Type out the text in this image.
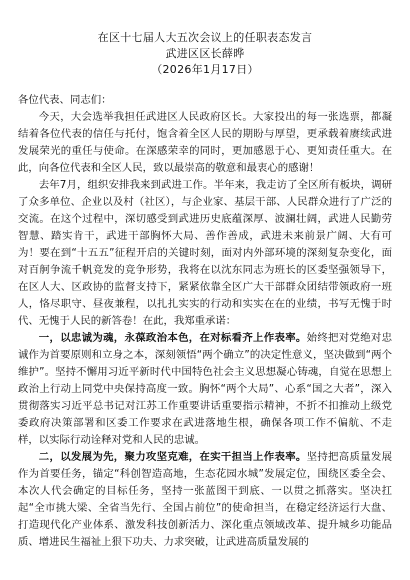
在区十七届人大五次会议上的任职表态发言
武进区区长薛晔
（2026年1月17日）

各位代表、同志们：

今天，大会选举我担任武进区人民政府区长。大家投出的每一张选票，都凝结着各位代表的信任与托付，饱含着全区人民的期盼与厚望，更承载着赓续武进发展荣光的重任与使命。在深感荣幸的同时，更加感恩于心、更知责任重大。在此，向各位代表和全区人民，致以最崇高的敬意和最衷心的感谢！

去年7月，组织安排我来到武进工作。半年来，我走访了全区所有板块，调研了众多单位、企业以及村（社区），与企业家、基层干部、人民群众进行了广泛的交流。在这个过程中，深切感受到武进历史底蕴深厚、波澜壮阔，武进人民勤劳智慧、踏实肯干，武进干部胸怀大局、善作善成，武进未来前景广阔、大有可为！要在到“十五五”征程开启的关键时刻，面对内外部环境的深刻复杂变化，面对百舸争流千帆竞发的竞争形势，我将在以沈东同志为班长的区委坚强领导下，在区人大、区政协的监督支持下，紧紧依靠全区广大干部群众团结带领政府一班人，恪尽职守、昼夜兼程，以扎扎实实的行动和实实在在的业绩，书写无愧于时代、无愧于人民的新答卷！在此，我郑重承诺：

一，以忠诚为魂，永葆政治本色，在对标看齐上作表率。始终把对党绝对忠诚作为首要原则和立身之本，深刻领悟“两个确立”的决定性意义，坚决做到“两个维护”。坚持不懈用习近平新时代中国特色社会主义思想凝心铸魂，自觉在思想上政治上行动上同党中央保持高度一致。胸怀“两个大局”、心系“国之大者”，深入贯彻落实习近平总书记对江苏工作重要讲话重要指示精神，不折不扣推动上级党委政府决策部署和区委工作要求在武进落地生根，确保各项工作不偏航、不走样，以实际行动诠释对党和人民的忠诚。

二，以发展为先，聚力攻坚克难，在实干担当上作表率。坚持把高质量发展作为首要任务，锚定“科创智造高地，生态花园水城”发展定位，围绕区委全会、本次人代会确定的目标任务，坚持一张蓝图干到底、一以贯之抓落实。坚决扛起“全市挑大梁、全省当先行、全国占前位”的使命担当，在稳定经济运行大盘、打造现代化产业体系、激发科技创新活力、深化重点领域改革、提升城乡功能品质、增进民生福祉上狠下功夫、力求突破，让武进高质量发展的
